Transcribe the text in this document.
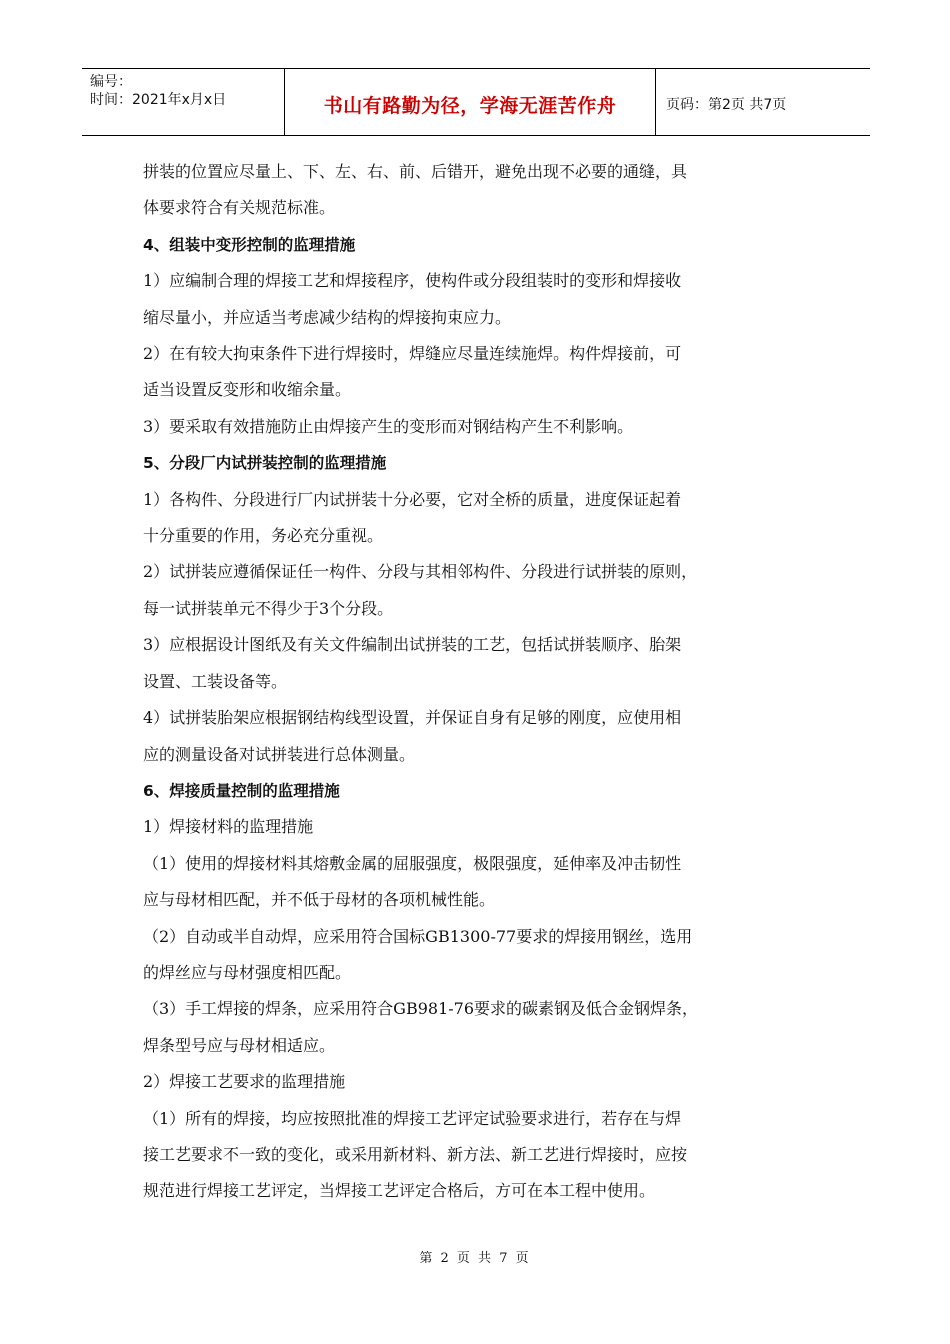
编号：
时间：2021年x月x日	书山有路勤为径，学海无涯苦作舟	页码：第2页 共7页

拼装的位置应尽量上、下、左、右、前、后错开，避免出现不必要的通缝，具

体要求符合有关规范标准。

4、组装中变形控制的监理措施

1）应编制合理的焊接工艺和焊接程序，使构件或分段组装时的变形和焊接收

缩尽量小，并应适当考虑减少结构的焊接拘束应力。

2）在有较大拘束条件下进行焊接时，焊缝应尽量连续施焊。构件焊接前，可

适当设置反变形和收缩余量。

3）要采取有效措施防止由焊接产生的变形而对钢结构产生不利影响。

5、分段厂内试拼装控制的监理措施

1）各构件、分段进行厂内试拼装十分必要，它对全桥的质量，进度保证起着

十分重要的作用，务必充分重视。

2）试拼装应遵循保证任一构件、分段与其相邻构件、分段进行试拼装的原则，

每一试拼装单元不得少于3个分段。

3）应根据设计图纸及有关文件编制出试拼装的工艺，包括试拼装顺序、胎架

设置、工装设备等。

4）试拼装胎架应根据钢结构线型设置，并保证自身有足够的刚度，应使用相

应的测量设备对试拼装进行总体测量。

6、焊接质量控制的监理措施

1）焊接材料的监理措施

（1）使用的焊接材料其熔敷金属的屈服强度，极限强度，延伸率及冲击韧性

应与母材相匹配，并不低于母材的各项机械性能。

（2）自动或半自动焊，应采用符合国标GB1300-77要求的焊接用钢丝，选用

的焊丝应与母材强度相匹配。

（3）手工焊接的焊条，应采用符合GB981-76要求的碳素钢及低合金钢焊条，

焊条型号应与母材相适应。

2）焊接工艺要求的监理措施

（1）所有的焊接，均应按照批准的焊接工艺评定试验要求进行，若存在与焊

接工艺要求不一致的变化，或采用新材料、新方法、新工艺进行焊接时，应按

规范进行焊接工艺评定，当焊接工艺评定合格后，方可在本工程中使用。

第 2 页 共 7 页
